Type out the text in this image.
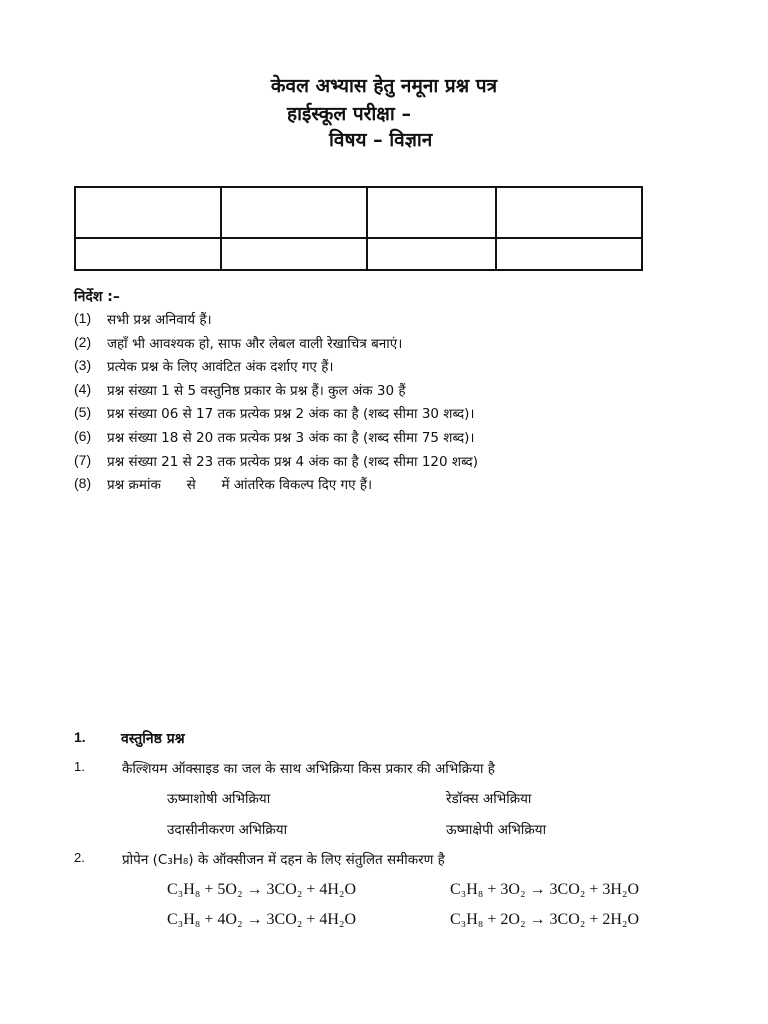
केवल अभ्यास हेतु नमूना प्रश्न पत्र
हाईस्कूल परीक्षा –
विषय – विज्ञान

निर्देश :–
(1) सभी प्रश्न अनिवार्य हैं।
(2) जहाँ भी आवश्यक हो, साफ और लेबल वाली रेखाचित्र बनाएं।
(3) प्रत्येक प्रश्न के लिए आवंटित अंक दर्शाए गए हैं।
(4) प्रश्न संख्या 1 से 5 वस्तुनिष्ठ प्रकार के प्रश्न हैं। कुल अंक 30 हैं
(5) प्रश्न संख्या 06 से 17 तक प्रत्येक प्रश्न 2 अंक का है (शब्द सीमा 30 शब्द)।
(6) प्रश्न संख्या 18 से 20 तक प्रत्येक प्रश्न 3 अंक का है (शब्द सीमा 75 शब्द)।
(7) प्रश्न संख्या 21 से 23 तक प्रत्येक प्रश्न 4 अंक का है (शब्द सीमा 120 शब्द)
(8) प्रश्न क्रमांक      से      में आंतरिक विकल्प दिए गए हैं।
1.	वस्तुनिष्ठ प्रश्न
1.	कैल्शियम ऑक्साइड का जल के साथ अभिक्रिया किस प्रकार की अभिक्रिया है
ऊष्माशोषी अभिक्रिया	रेडॉक्स अभिक्रिया
उदासीनीकरण अभिक्रिया	ऊष्माक्षेपी अभिक्रिया
2.	प्रोपेन (C₃H₈) के ऑक्सीजन में दहन के लिए संतुलित समीकरण है
C₃H₈ + 5O₂ → 3CO₂ + 4H₂O	C₃H₈ + 3O₂ → 3CO₂ + 3H₂O
C₃H₈ + 4O₂ → 3CO₂ + 4H₂O	C₃H₈ + 2O₂ → 3CO₂ + 2H₂O
